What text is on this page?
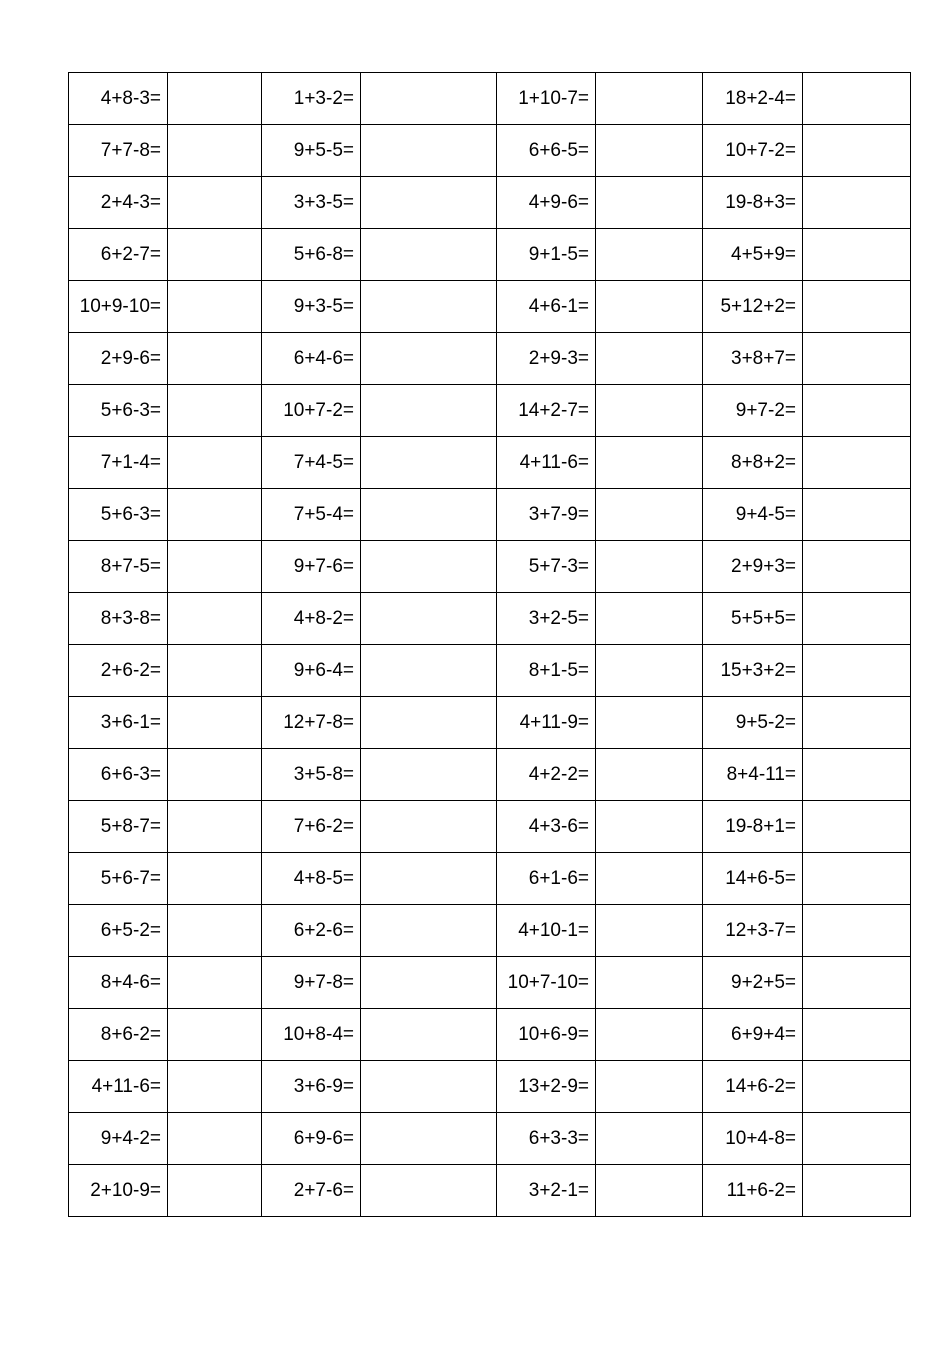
4+8-3=		1+3-2=		1+10-7=		18+2-4=	
7+7-8=		9+5-5=		6+6-5=		10+7-2=	
2+4-3=		3+3-5=		4+9-6=		19-8+3=	
6+2-7=		5+6-8=		9+1-5=		4+5+9=	
10+9-10=		9+3-5=		4+6-1=		5+12+2=	
2+9-6=		6+4-6=		2+9-3=		3+8+7=	
5+6-3=		10+7-2=		14+2-7=		9+7-2=	
7+1-4=		7+4-5=		4+11-6=		8+8+2=	
5+6-3=		7+5-4=		3+7-9=		9+4-5=	
8+7-5=		9+7-6=		5+7-3=		2+9+3=	
8+3-8=		4+8-2=		3+2-5=		5+5+5=	
2+6-2=		9+6-4=		8+1-5=		15+3+2=	
3+6-1=		12+7-8=		4+11-9=		9+5-2=	
6+6-3=		3+5-8=		4+2-2=		8+4-11=	
5+8-7=		7+6-2=		4+3-6=		19-8+1=	
5+6-7=		4+8-5=		6+1-6=		14+6-5=	
6+5-2=		6+2-6=		4+10-1=		12+3-7=	
8+4-6=		9+7-8=		10+7-10=		9+2+5=	
8+6-2=		10+8-4=		10+6-9=		6+9+4=	
4+11-6=		3+6-9=		13+2-9=		14+6-2=	
9+4-2=		6+9-6=		6+3-3=		10+4-8=	
2+10-9=		2+7-6=		3+2-1=		11+6-2=	
